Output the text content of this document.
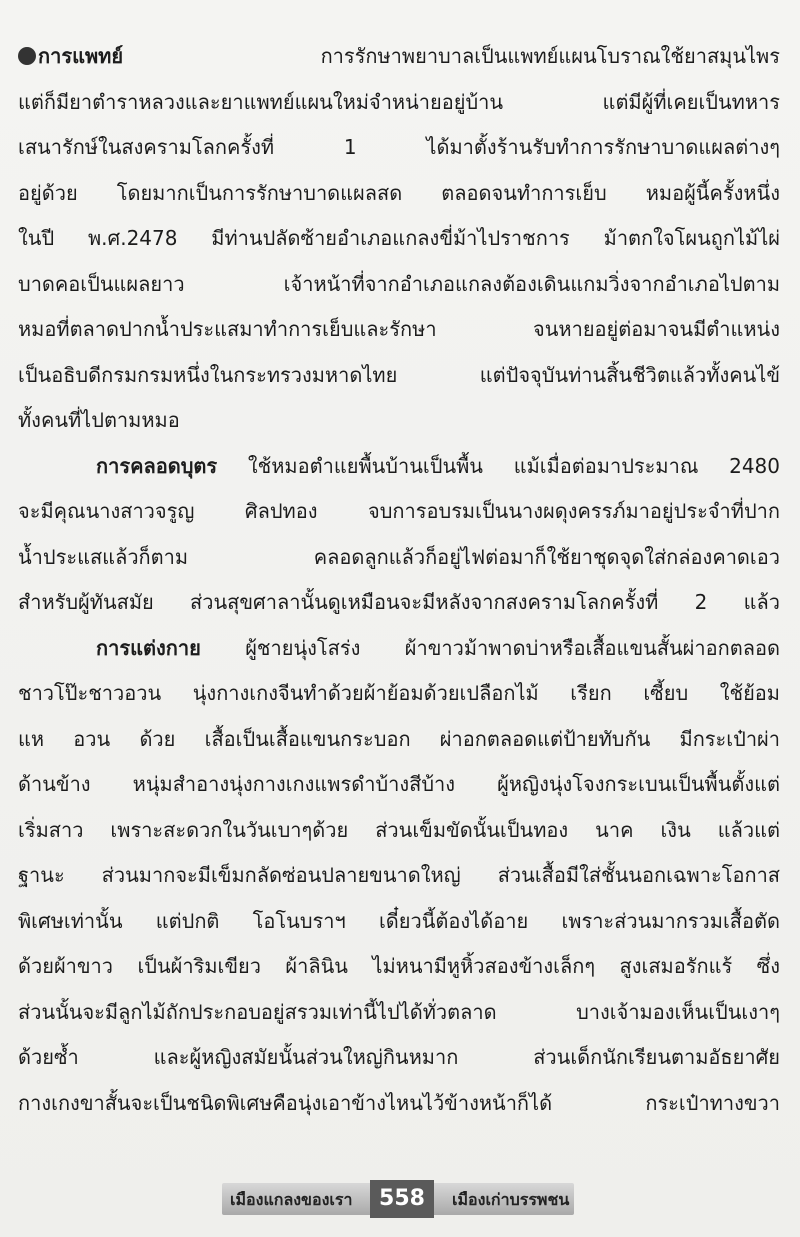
การแพทย์	การรักษาพยาบาลเป็นแพทย์แผนโบราณใช้ยาสมุนไพร
แต่ก็มียาตำราหลวงและยาแพทย์แผนใหม่จำหน่ายอยู่บ้าน แต่มีผู้ที่เคยเป็นทหาร
เสนารักษ์ในสงครามโลกครั้งที่ 1 ได้มาตั้งร้านรับทำการรักษาบาดแผลต่างๆ
อยู่ด้วย โดยมากเป็นการรักษาบาดแผลสด ตลอดจนทำการเย็บ หมอผู้นี้ครั้งหนึ่ง
ในปี พ.ศ.2478 มีท่านปลัดซ้ายอำเภอแกลงขี่ม้าไปราชการ ม้าตกใจโผนถูกไม้ไผ่
บาดคอเป็นแผลยาว เจ้าหน้าที่จากอำเภอแกลงต้องเดินแกมวิ่งจากอำเภอไปตาม
หมอที่ตลาดปากน้ำประแสมาทำการเย็บและรักษา จนหายอยู่ต่อมาจนมีตำแหน่ง
เป็นอธิบดีกรมกรมหนึ่งในกระทรวงมหาดไทย แต่ปัจจุบันท่านสิ้นชีวิตแล้วทั้งคนไข้
ทั้งคนที่ไปตามหมอ
การคลอดบุตร ใช้หมอตำแยพื้นบ้านเป็นพื้น แม้เมื่อต่อมาประมาณ 2480
จะมีคุณนางสาวจรูญ ศิลปทอง จบการอบรมเป็นนางผดุงครรภ์มาอยู่ประจำที่ปาก
น้ำประแสแล้วก็ตาม คลอดลูกแล้วก็อยู่ไฟต่อมาก็ใช้ยาชุดจุดใส่กล่องคาดเอว
สำหรับผู้ทันสมัย ส่วนสุขศาลานั้นดูเหมือนจะมีหลังจากสงครามโลกครั้งที่ 2 แล้ว
การแต่งกาย ผู้ชายนุ่งโสร่ง ผ้าขาวม้าพาดบ่าหรือเสื้อแขนสั้นผ่าอกตลอด
ชาวโป๊ะชาวอวน นุ่งกางเกงจีนทำด้วยผ้าย้อมด้วยเปลือกไม้ เรียก เซี้ยบ ใช้ย้อม
แห อวน ด้วย เสื้อเป็นเสื้อแขนกระบอก ผ่าอกตลอดแต่ป้ายทับกัน มีกระเป๋าผ่า
ด้านข้าง หนุ่มสำอางนุ่งกางเกงแพรดำบ้างสีบ้าง ผู้หญิงนุ่งโจงกระเบนเป็นพื้นตั้งแต่
เริ่มสาว เพราะสะดวกในวันเบาๆด้วย ส่วนเข็มขัดนั้นเป็นทอง นาค เงิน แล้วแต่
ฐานะ ส่วนมากจะมีเข็มกลัดซ่อนปลายขนาดใหญ่ ส่วนเสื้อมีใส่ชั้นนอกเฉพาะโอกาส
พิเศษเท่านั้น แต่ปกติ โอโนบราฯ เดี๋ยวนี้ต้องได้อาย เพราะส่วนมากรวมเสื้อตัด
ด้วยผ้าขาว เป็นผ้าริมเขียว ผ้าลินิน ไม่หนามีหูหิ้วสองข้างเล็กๆ สูงเสมอรักแร้ ซึ่ง
ส่วนนั้นจะมีลูกไม้ถักประกอบอยู่สรวมเท่านี้ไปได้ทั่วตลาด บางเจ้ามองเห็นเป็นเงาๆ
ด้วยซ้ำ และผู้หญิงสมัยนั้นส่วนใหญ่กินหมาก ส่วนเด็กนักเรียนตามอัธยาศัย
กางเกงขาสั้นจะเป็นชนิดพิเศษคือนุ่งเอาข้างไหนไว้ข้างหน้าก็ได้ กระเป๋าทางขวา
เมืองแกลงของเรา	558	เมืองเก่าบรรพชน
